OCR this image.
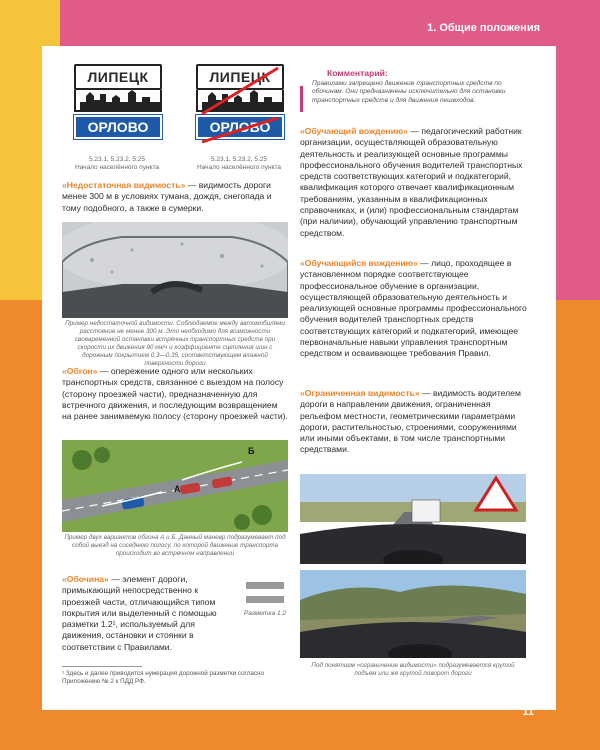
1. Общие положения
ЛИПЕЦК
ОРЛОВО
5.23.1, 5.23.2, 5.25
Начало населённого пункта
ЛИПЕЦК
ОРЛОВО
5.23.1, 5.23.2, 5.25
Начало населённого пункта
«Недостаточная видимость» — видимость дороги менее 300 м в условиях тумана, дождя, снегопада и тому подобного, а также в сумерки.
Пример недостаточной видимости. Соблюдаемое между автомобилями расстояние не менее 300 м. Это необходимо для возможности своевременной остановки встречных транспортных средств при скорости их движения 90 км/ч и коэффициенте сцепления шин с дорожным покрытием 0,3—0,35, соответствующем влажной поверхности дороги
«Обгон» — опережение одного или нескольких транспортных средств, связанное с выездом на полосу (сторону проезжей части), предназначенную для встречного движения, и последующим возвращением на ранее занимаемую полосу (сторону проезжей части).
А
Б
Пример двух вариантов обгона А и Б. Данный маневр подразумевает под собой выезд на соседнюю полосу, по которой движение транспорта происходит во встречном направлении
«Обочина» — элемент дороги, примыкающий непосредственно к проезжей части, отличающийся типом покрытия или выделенный с помощью разметки 1.2¹, используемый для движения, остановки и стоянки в соответствии с Правилами.
Разметка 1.2
¹ Здесь и далее приводится нумерация дорожной разметки согласно Приложению № 2 к ПДД РФ.
Комментарий:
Правилами запрещено движение транспортных средств по обочинам. Они предназначены исключительно для остановки транспортных средств и для движения пешеходов.
«Обучающий вождению» — педагогический работник организации, осуществляющей образовательную деятельность и реализующей основные программы профессионального обучения водителей транспортных средств соответствующих категорий и подкатегорий, квалификация которого отвечает квалификационным требованиям, указанным в квалификационных справочниках, и (или) профессиональным стандартам (при наличии), обучающий управлению транспортным средством.
«Обучающийся вождению» — лицо, проходящее в установленном порядке соответствующее профессиональное обучение в организации, осуществляющей образовательную деятельность и реализующей основные программы профессионального обучения водителей транспортных средств соответствующих категорий и подкатегорий, имеющее первоначальные навыки управления транспортным средством и осваивающее требования Правил.
«Ограниченная видимость» — видимость водителем дороги в направлении движения, ограниченная рельефом местности, геометрическими параметрами дороги, растительностью, строениями, сооружениями или иными объектами, в том числе транспортными средствами.
Под понятием «ограничение видимости» подразумевается крутой подъем или же крутой поворот дороги
11
